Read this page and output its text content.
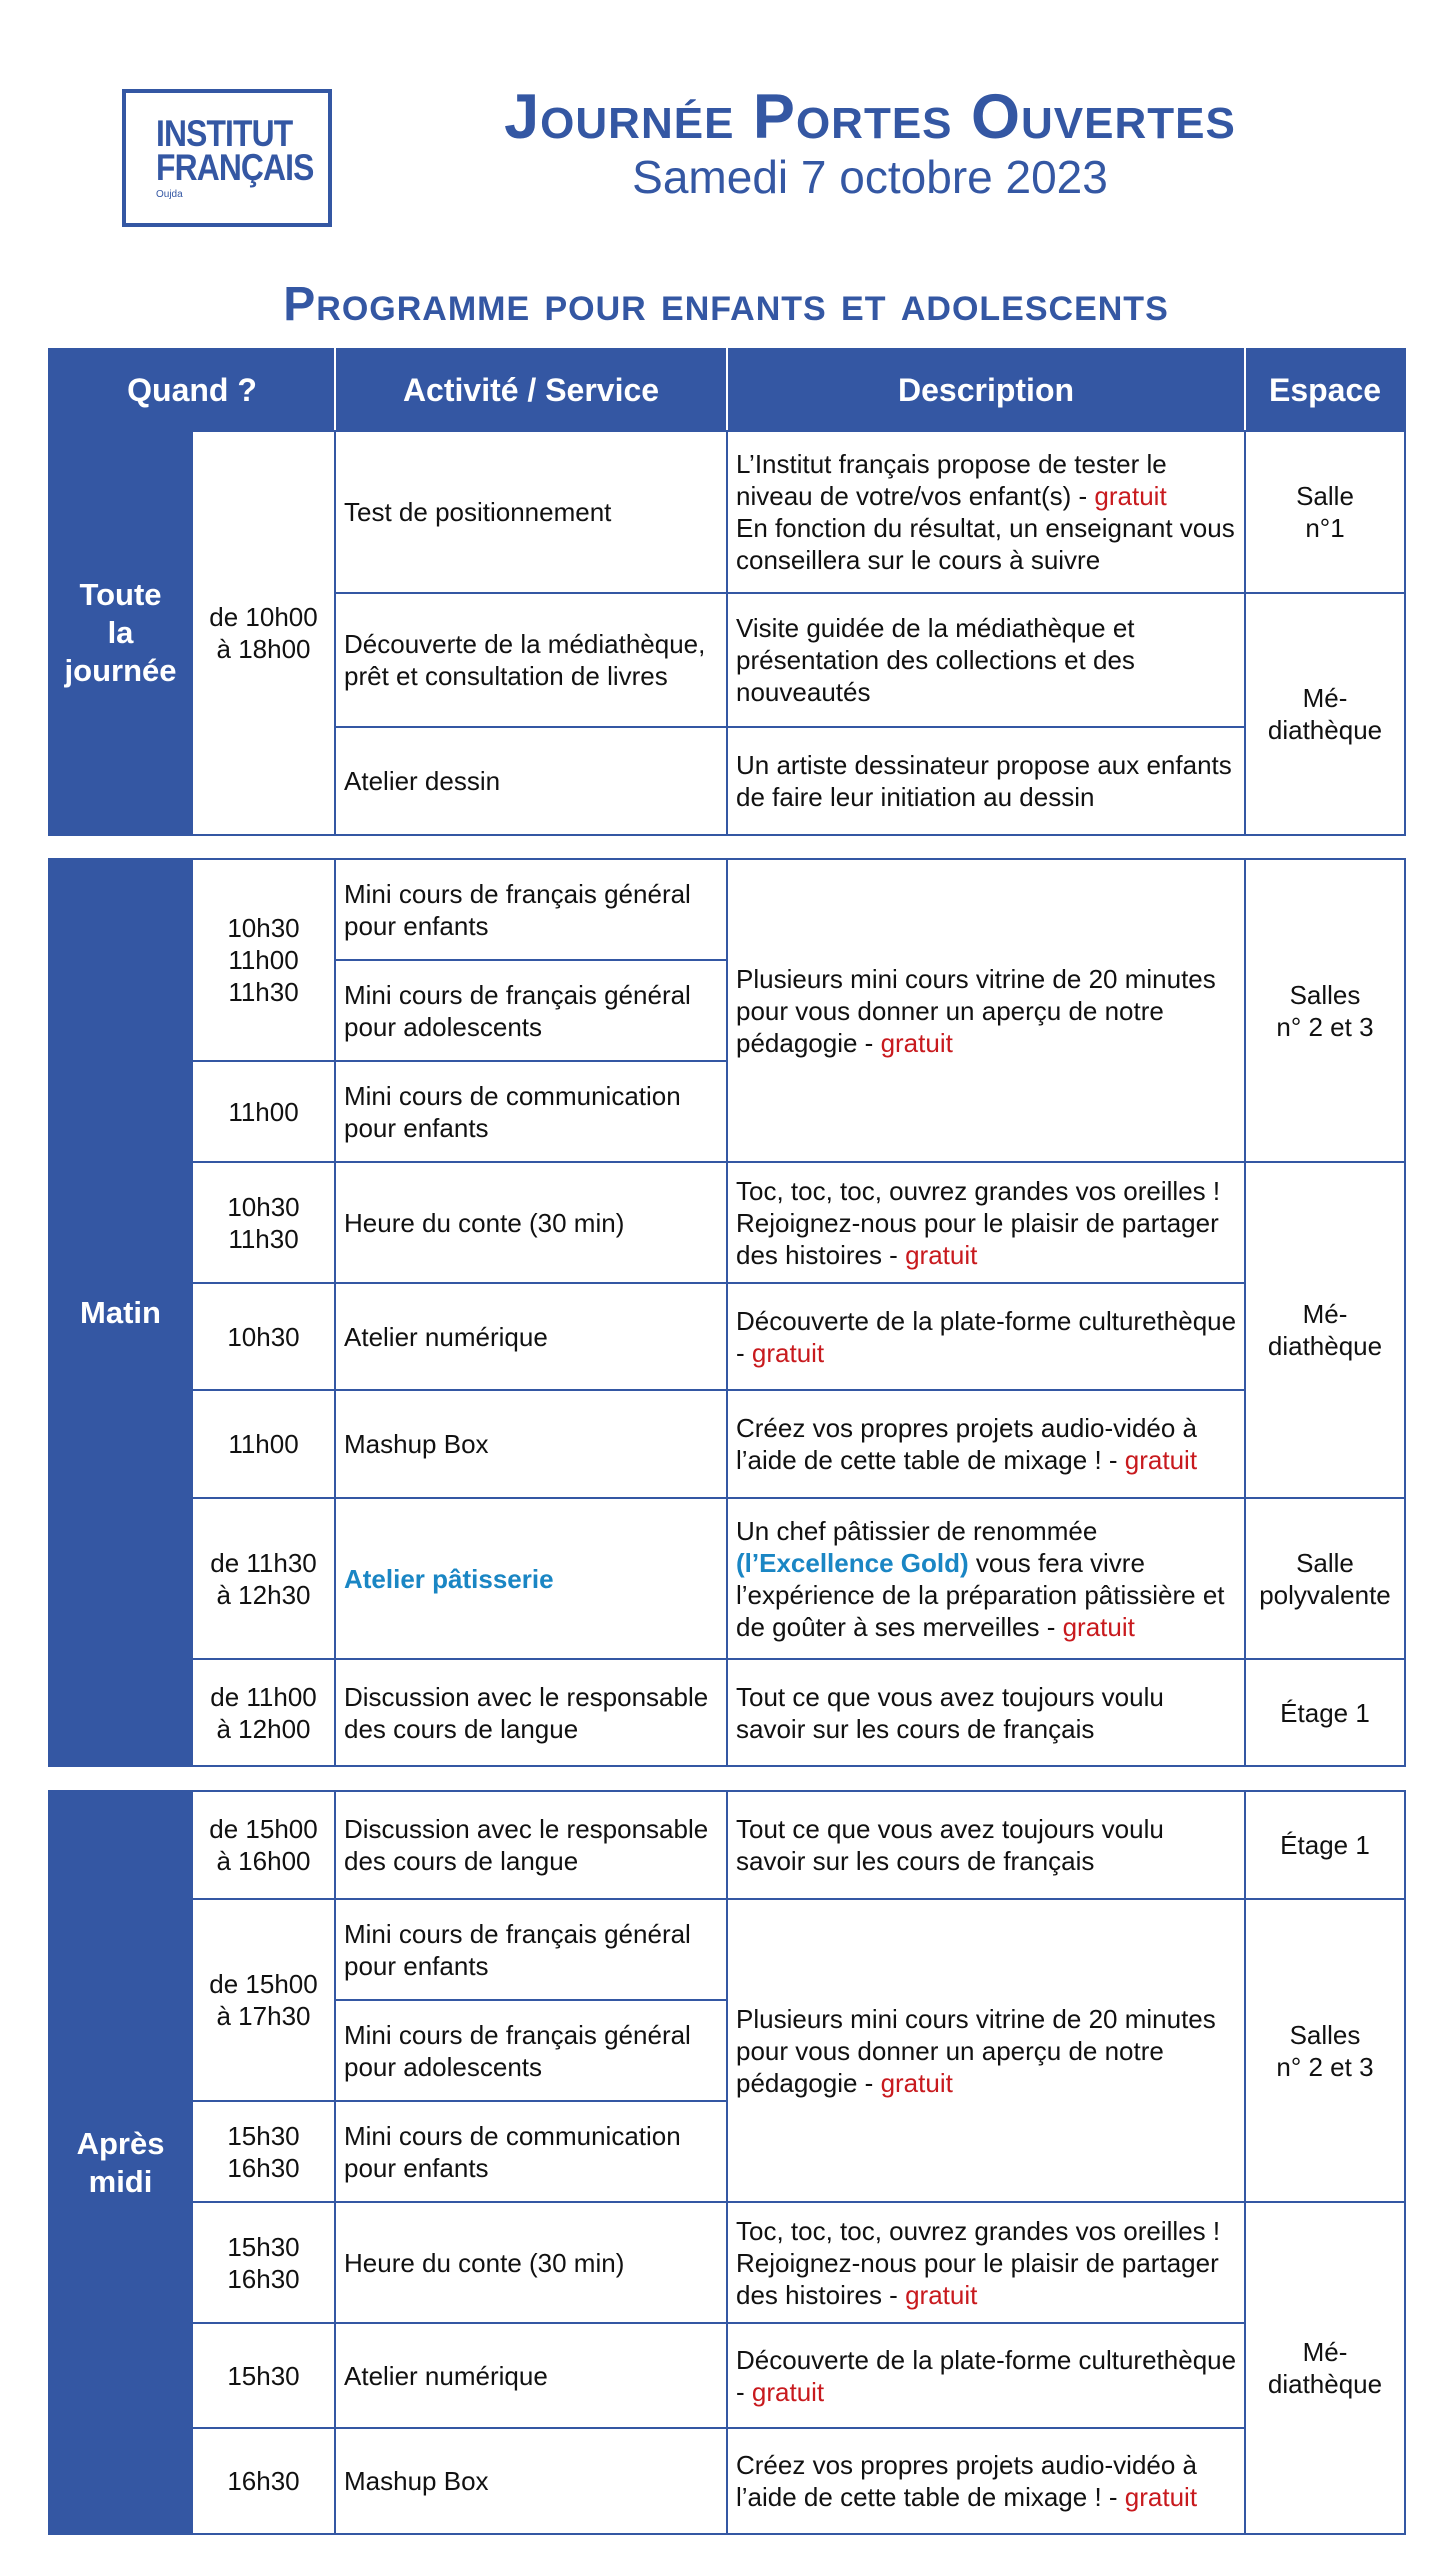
INSTITUT
FRANÇAIS
Oujda
Journée Portes Ouvertes
Samedi 7 octobre 2023
Programme pour enfants et adolescents
Quand ?		Activité / Service	Description	Espace
Toute
la
journée	de 10h00
à 18h00	Test de positionnement	L’Institut français propose de tester le niveau de votre/vos enfant(s) - gratuit
En fonction du résultat, un enseignant vous conseillera sur le cours à suivre	Salle
n°1
		Découverte de la médiathèque, prêt et consultation de livres	Visite guidée de la médiathèque et présentation des collections et des nouveautés	Mé-
diathèque
		Atelier dessin	Un artiste dessinateur propose aux enfants de faire leur initiation au dessin	
Matin	10h30
11h00
11h30	Mini cours de français général pour enfants	Plusieurs mini cours vitrine de 20 minutes pour vous donner un aperçu de notre pédagogie - gratuit	Salles
n° 2 et 3
		Mini cours de français général pour adolescents		
	11h00	Mini cours de communication pour enfants		
	10h30
11h30	Heure du conte (30 min)	Toc, toc, toc, ouvrez grandes vos oreilles ! Rejoignez-nous pour le plaisir de partager des histoires - gratuit	Mé-
diathèque
	10h30	Atelier numérique	Découverte de la plate-forme culturethèque - gratuit	
	11h00	Mashup Box	Créez vos propres projets audio-vidéo à l’aide de cette table de mixage ! - gratuit	
	de 11h30
à 12h30	Atelier pâtisserie	Un chef pâtissier de renommée (l’Excellence Gold) vous fera vivre l’expérience de la préparation pâtissière et de goûter à ses merveilles - gratuit	Salle
polyvalente
	de 11h00
à 12h00	Discussion avec le responsable des cours de langue	Tout ce que vous avez toujours voulu savoir sur les cours de français	Étage 1
Après
midi	de 15h00
à 16h00	Discussion avec le responsable des cours de langue	Tout ce que vous avez toujours voulu savoir sur les cours de français	Étage 1
	de 15h00
à 17h30	Mini cours de français général pour enfants	Plusieurs mini cours vitrine de 20 minutes pour vous donner un aperçu de notre pédagogie - gratuit	Salles
n° 2 et 3
		Mini cours de français général pour adolescents		
	15h30
16h30	Mini cours de communication pour enfants		
	15h30
16h30	Heure du conte (30 min)	Toc, toc, toc, ouvrez grandes vos oreilles ! Rejoignez-nous pour le plaisir de partager des histoires - gratuit	Mé-
diathèque
	15h30	Atelier numérique	Découverte de la plate-forme culturethèque - gratuit	
	16h30	Mashup Box	Créez vos propres projets audio-vidéo à l’aide de cette table de mixage ! - gratuit	
